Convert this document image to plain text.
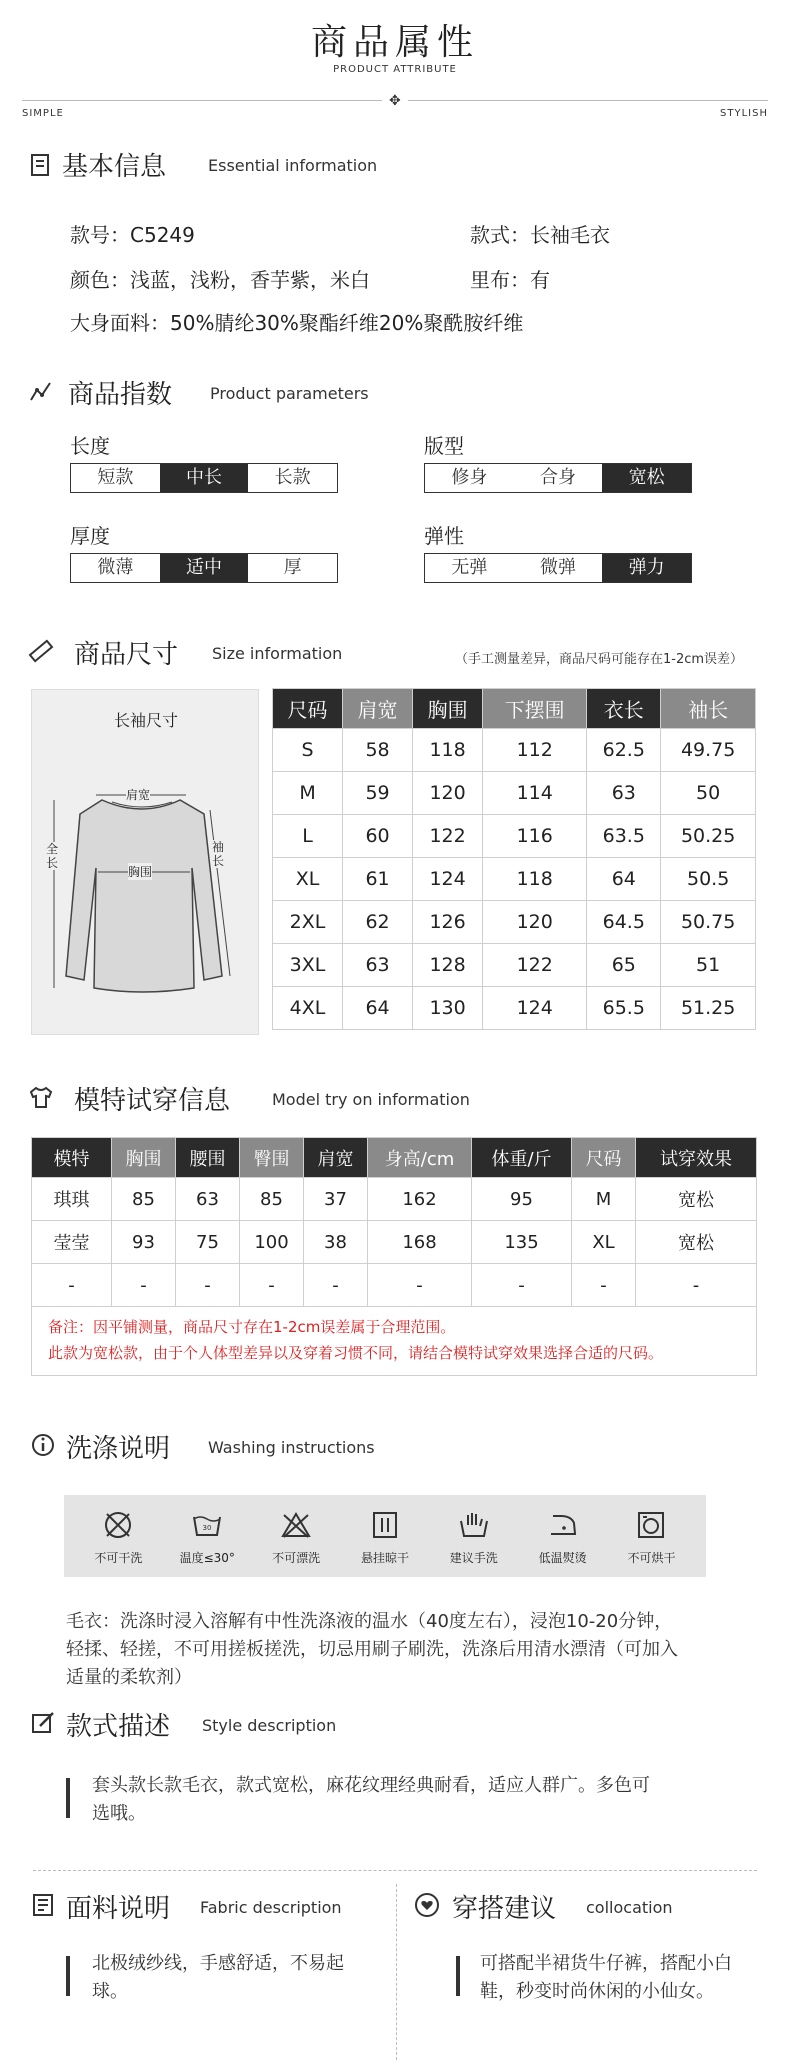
商品属性
PRODUCT ATTRIBUTE
✥
SIMPLE	STYLISH
基本信息	Essential information
款号：C5249	款式：长袖毛衣
颜色：浅蓝，浅粉，香芋紫，米白	里布：有
大身面料：50%腈纶30%聚酯纤维20%聚酰胺纤维
商品指数 Product parameters
长度
短款	中长	长款
版型
修身	合身	宽松
厚度
微薄	适中	厚
弹性
无弹	微弹	弹力
商品尺寸 Size information	（手工测量差异，商品尺码可能存在1-2cm误差）
长袖尺寸
肩宽
胸围
全长
袖长
尺码	肩宽	胸围	下摆围	衣长	袖长
S	58	118	112	62.5	49.75
M	59	120	114	63	50
L	60	122	116	63.5	50.25
XL	61	124	118	64	50.5
2XL	62	126	120	64.5	50.75
3XL	63	128	122	65	51
4XL	64	130	124	65.5	51.25
模特试穿信息	Model try on information
模特	胸围	腰围	臀围	肩宽	身高/cm	体重/斤	尺码	试穿效果
琪琪	85	63	85	37	162	95	M	宽松
莹莹	93	75	100	38	168	135	XL	宽松
-	-	-	-	-	-	-	-	-
备注：因平铺测量，商品尺寸存在1-2cm误差属于合理范围。
此款为宽松款，由于个人体型差异以及穿着习惯不同，请结合模特试穿效果选择合适的尺码。
洗涤说明 Washing instructions
不可干洗
30
温度≤30°	不可漂洗	悬挂晾干	建议手洗	低温熨烫	不可烘干
毛衣：洗涤时浸入溶解有中性洗涤液的温水（40度左右），浸泡10-20分钟，
轻揉、轻搓，不可用搓板搓洗，切忌用刷子刷洗，洗涤后用清水漂清（可加入
适量的柔软剂）
款式描述 Style description
套头款长款毛衣，款式宽松，麻花纹理经典耐看，适应人群广。多色可
选哦。
面料说明 Fabric description
北极绒纱线，手感舒适，不易起
球。
穿搭建议 collocation
可搭配半裙货牛仔裤，搭配小白
鞋，秒变时尚休闲的小仙女。
